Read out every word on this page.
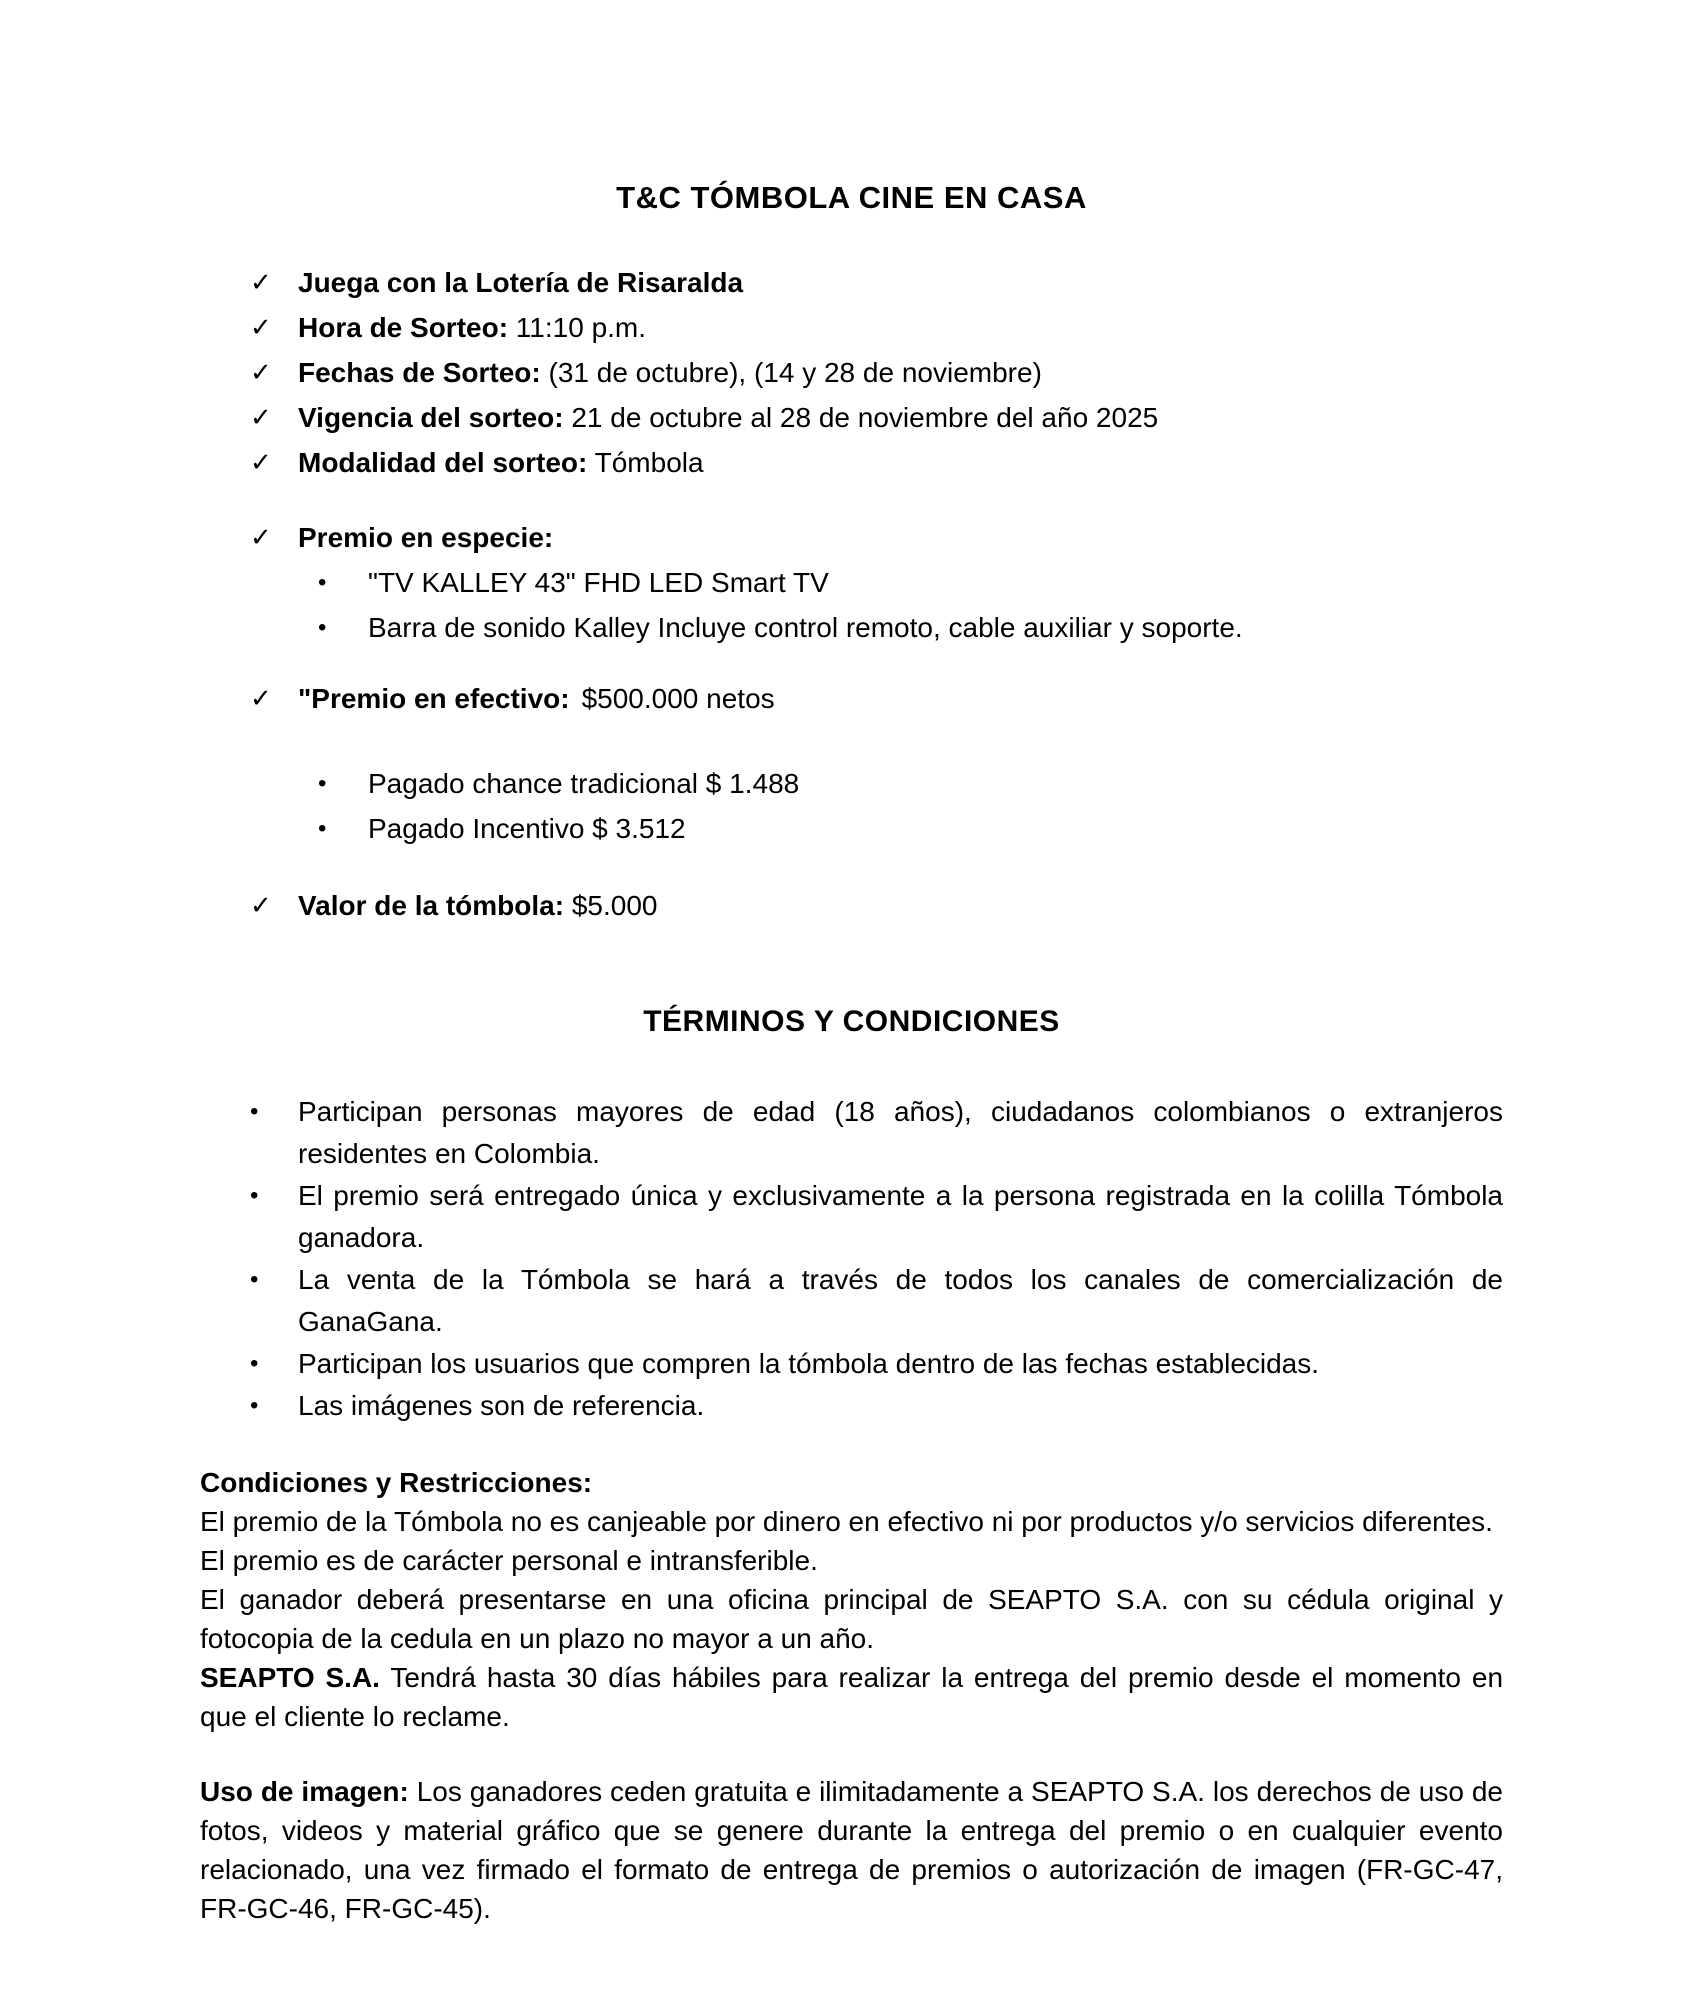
T&C TÓMBOLA CINE EN CASA
✓ Juega con la Lotería de Risaralda
✓ Hora de Sorteo: 11:10 p.m.
✓ Fechas de Sorteo: (31 de octubre), (14 y 28 de noviembre)
✓ Vigencia del sorteo: 21 de octubre al 28 de noviembre del año 2025
✓ Modalidad del sorteo: Tómbola
✓ Premio en especie:
•	"TV KALLEY 43" FHD LED Smart TV
•	Barra de sonido Kalley Incluye control remoto, cable auxiliar y soporte.
✓ "Premio en efectivo: $500.000 netos
•	Pagado chance tradicional $ 1.488
•	Pagado Incentivo $ 3.512
✓ Valor de la tómbola: $5.000
TÉRMINOS Y CONDICIONES
•	Participan personas mayores de edad (18 años), ciudadanos colombianos o extranjeros residentes en Colombia.

•	El premio será entregado única y exclusivamente a la persona registrada en la colilla Tómbola ganadora.

•	La venta de la Tómbola se hará a través de todos los canales de comercialización de GanaGana.

•	Participan los usuarios que compren la tómbola dentro de las fechas establecidas.

•	Las imágenes son de referencia.

Condiciones y Restricciones:

El premio de la Tómbola no es canjeable por dinero en efectivo ni por productos y/o servicios diferentes.

El premio es de carácter personal e intransferible.

El ganador deberá presentarse en una oficina principal de SEAPTO S.A. con su cédula original y fotocopia de la cedula en un plazo no mayor a un año.

SEAPTO S.A. Tendrá hasta 30 días hábiles para realizar la entrega del premio desde el momento en que el cliente lo reclame.

Uso de imagen: Los ganadores ceden gratuita e ilimitadamente a SEAPTO S.A. los derechos de uso de fotos, videos y material gráfico que se genere durante la entrega del premio o en cualquier evento relacionado, una vez firmado el formato de entrega de premios o autorización de imagen (FR-GC-47, FR-GC-46, FR-GC-45).
